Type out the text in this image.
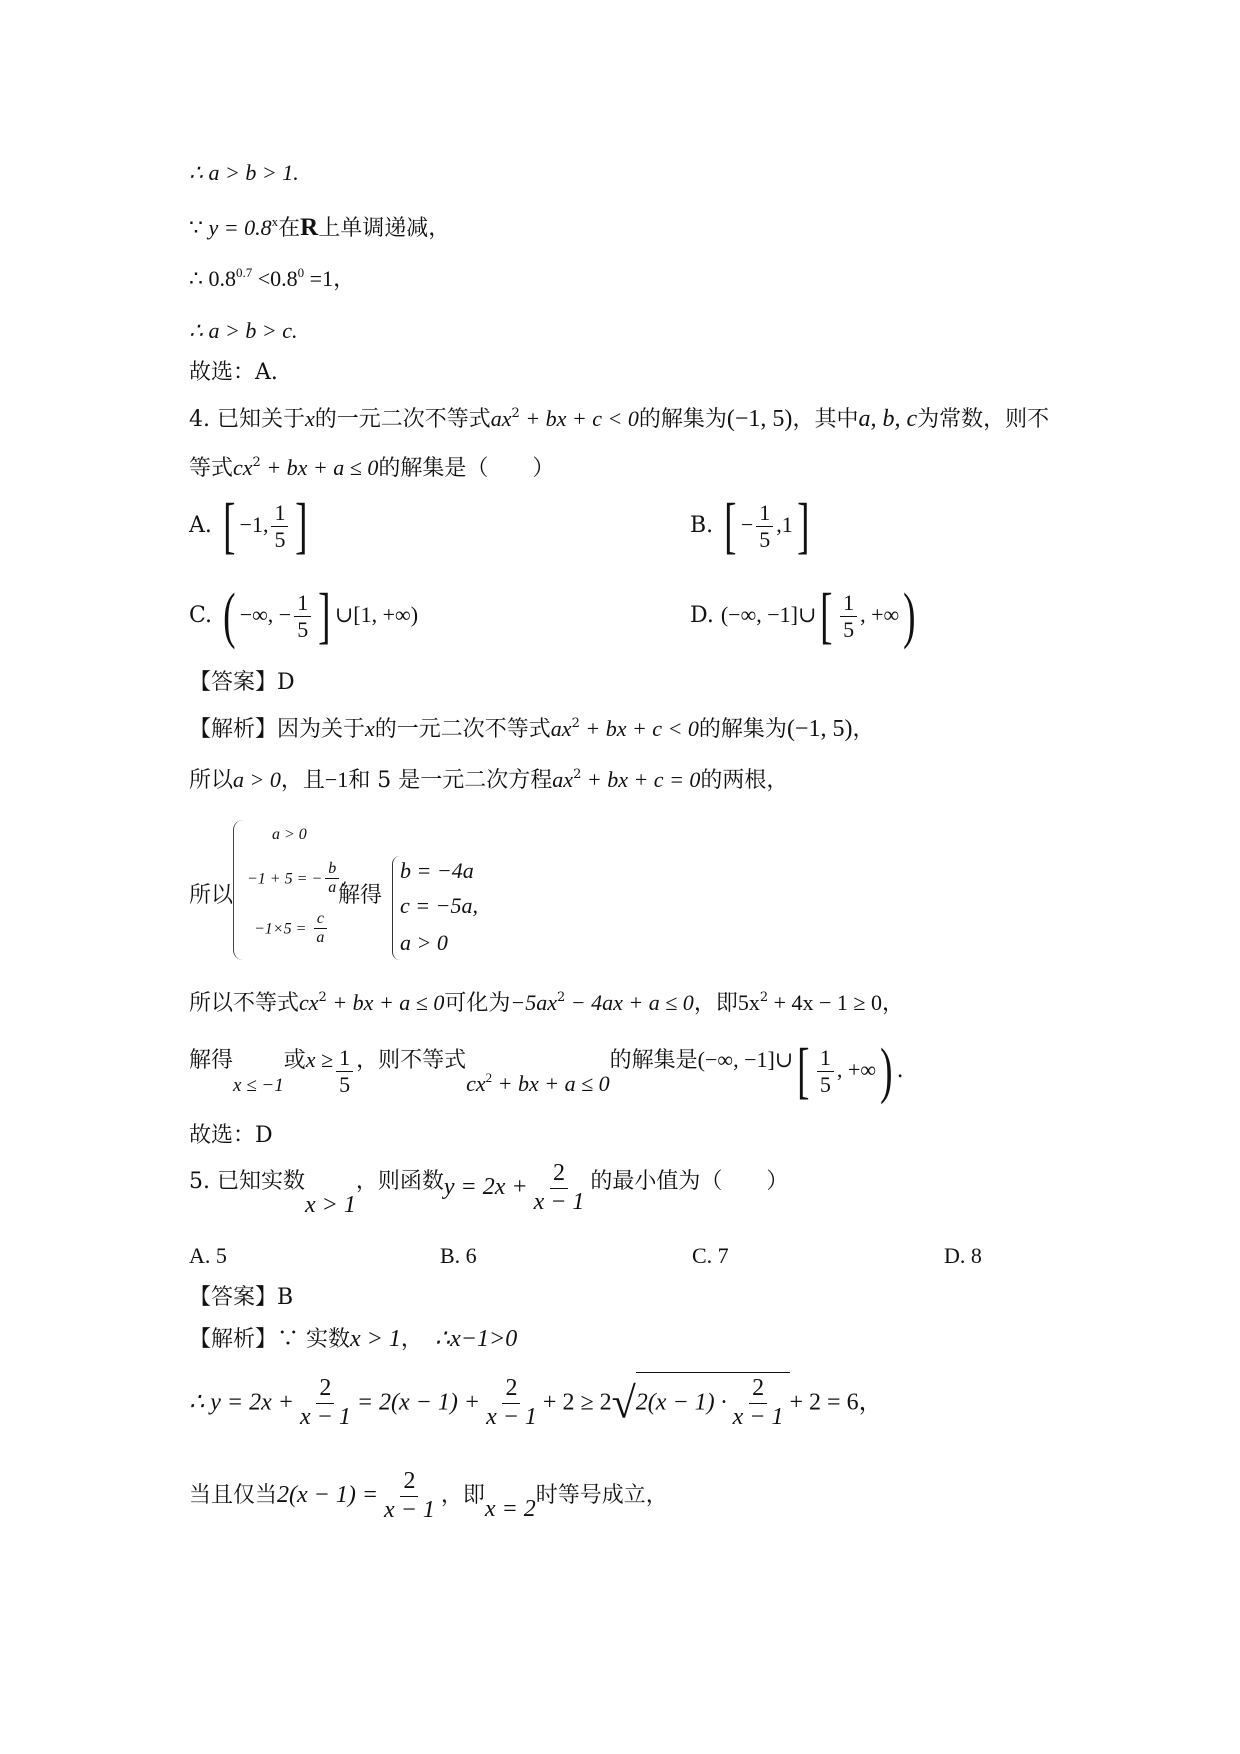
∴ a > b > 1.
∵ $y = 0.8^x$在R上单调递减，
∴ $0.8^{0.7} <0.8^0 =1$，
∴ a > b > c.
故选：A.
4. 已知关于x的一元二次不等式$ax^2$ + bx + c < 0的解集为(−1, 5)，其中a, b, c为常数，则不
等式$cx^2$ + bx + a ≤ 0的解集是（　　）
A. [ −1, $\frac{1}{5}$ ]	B. [ − $\frac{1}{5} ,1$]
C. ( −∞, − $\frac{1}{5}$ ] ∪[1, +∞)	D. (−∞, −1]∪[ $\frac{1}{5}$ , +∞)
【答案】D
【解析】因为关于x的一元二次不等式$ax^2$ + bx + c < 0的解集为(−1, 5)，
所以a > 0，且−1和 5 是一元二次方程$ax^2$ + bx + c = 0的两根，
所以
a > 0
−1 + 5 = − $\frac{b}{a}$ ,
$-1\times 5 = \frac{c}{a}$
解得
b = −4a
c = −5a,
a > 0
所以不等式$cx^2$ + bx + a ≤ 0可化为$-5ax^2 - 4ax + a \le 0$，即$5x^2 + 4x - 1 \ge 0$，
解得x ≤ −1或$x \ge \frac{1}{5}$ ，则不等式$cx^2$ + bx + a ≤ 0的解集是(−∞, −1]∪[ $\frac{1}{5}$ , +∞) .
故选：D
5. 已知实数x > 1，则函数$y = 2x + \frac{2}{x - 1}$ 的最小值为（　　）
A. 5	B. 6	C. 7	D. 8
【答案】B
【解析】∵ 实数x > 1， ∴x−1>0
∴ $y = 2x + \frac{2}{x - 1} = 2(x - 1) + \frac{2}{x - 1} + 2 \ge 2√2(x - 1) \cdot \frac{2}{x - 1} + 2 = 6$，
当且仅当$2(x - 1) = \frac{2}{x - 1}$ ，即x = 2时等号成立，
